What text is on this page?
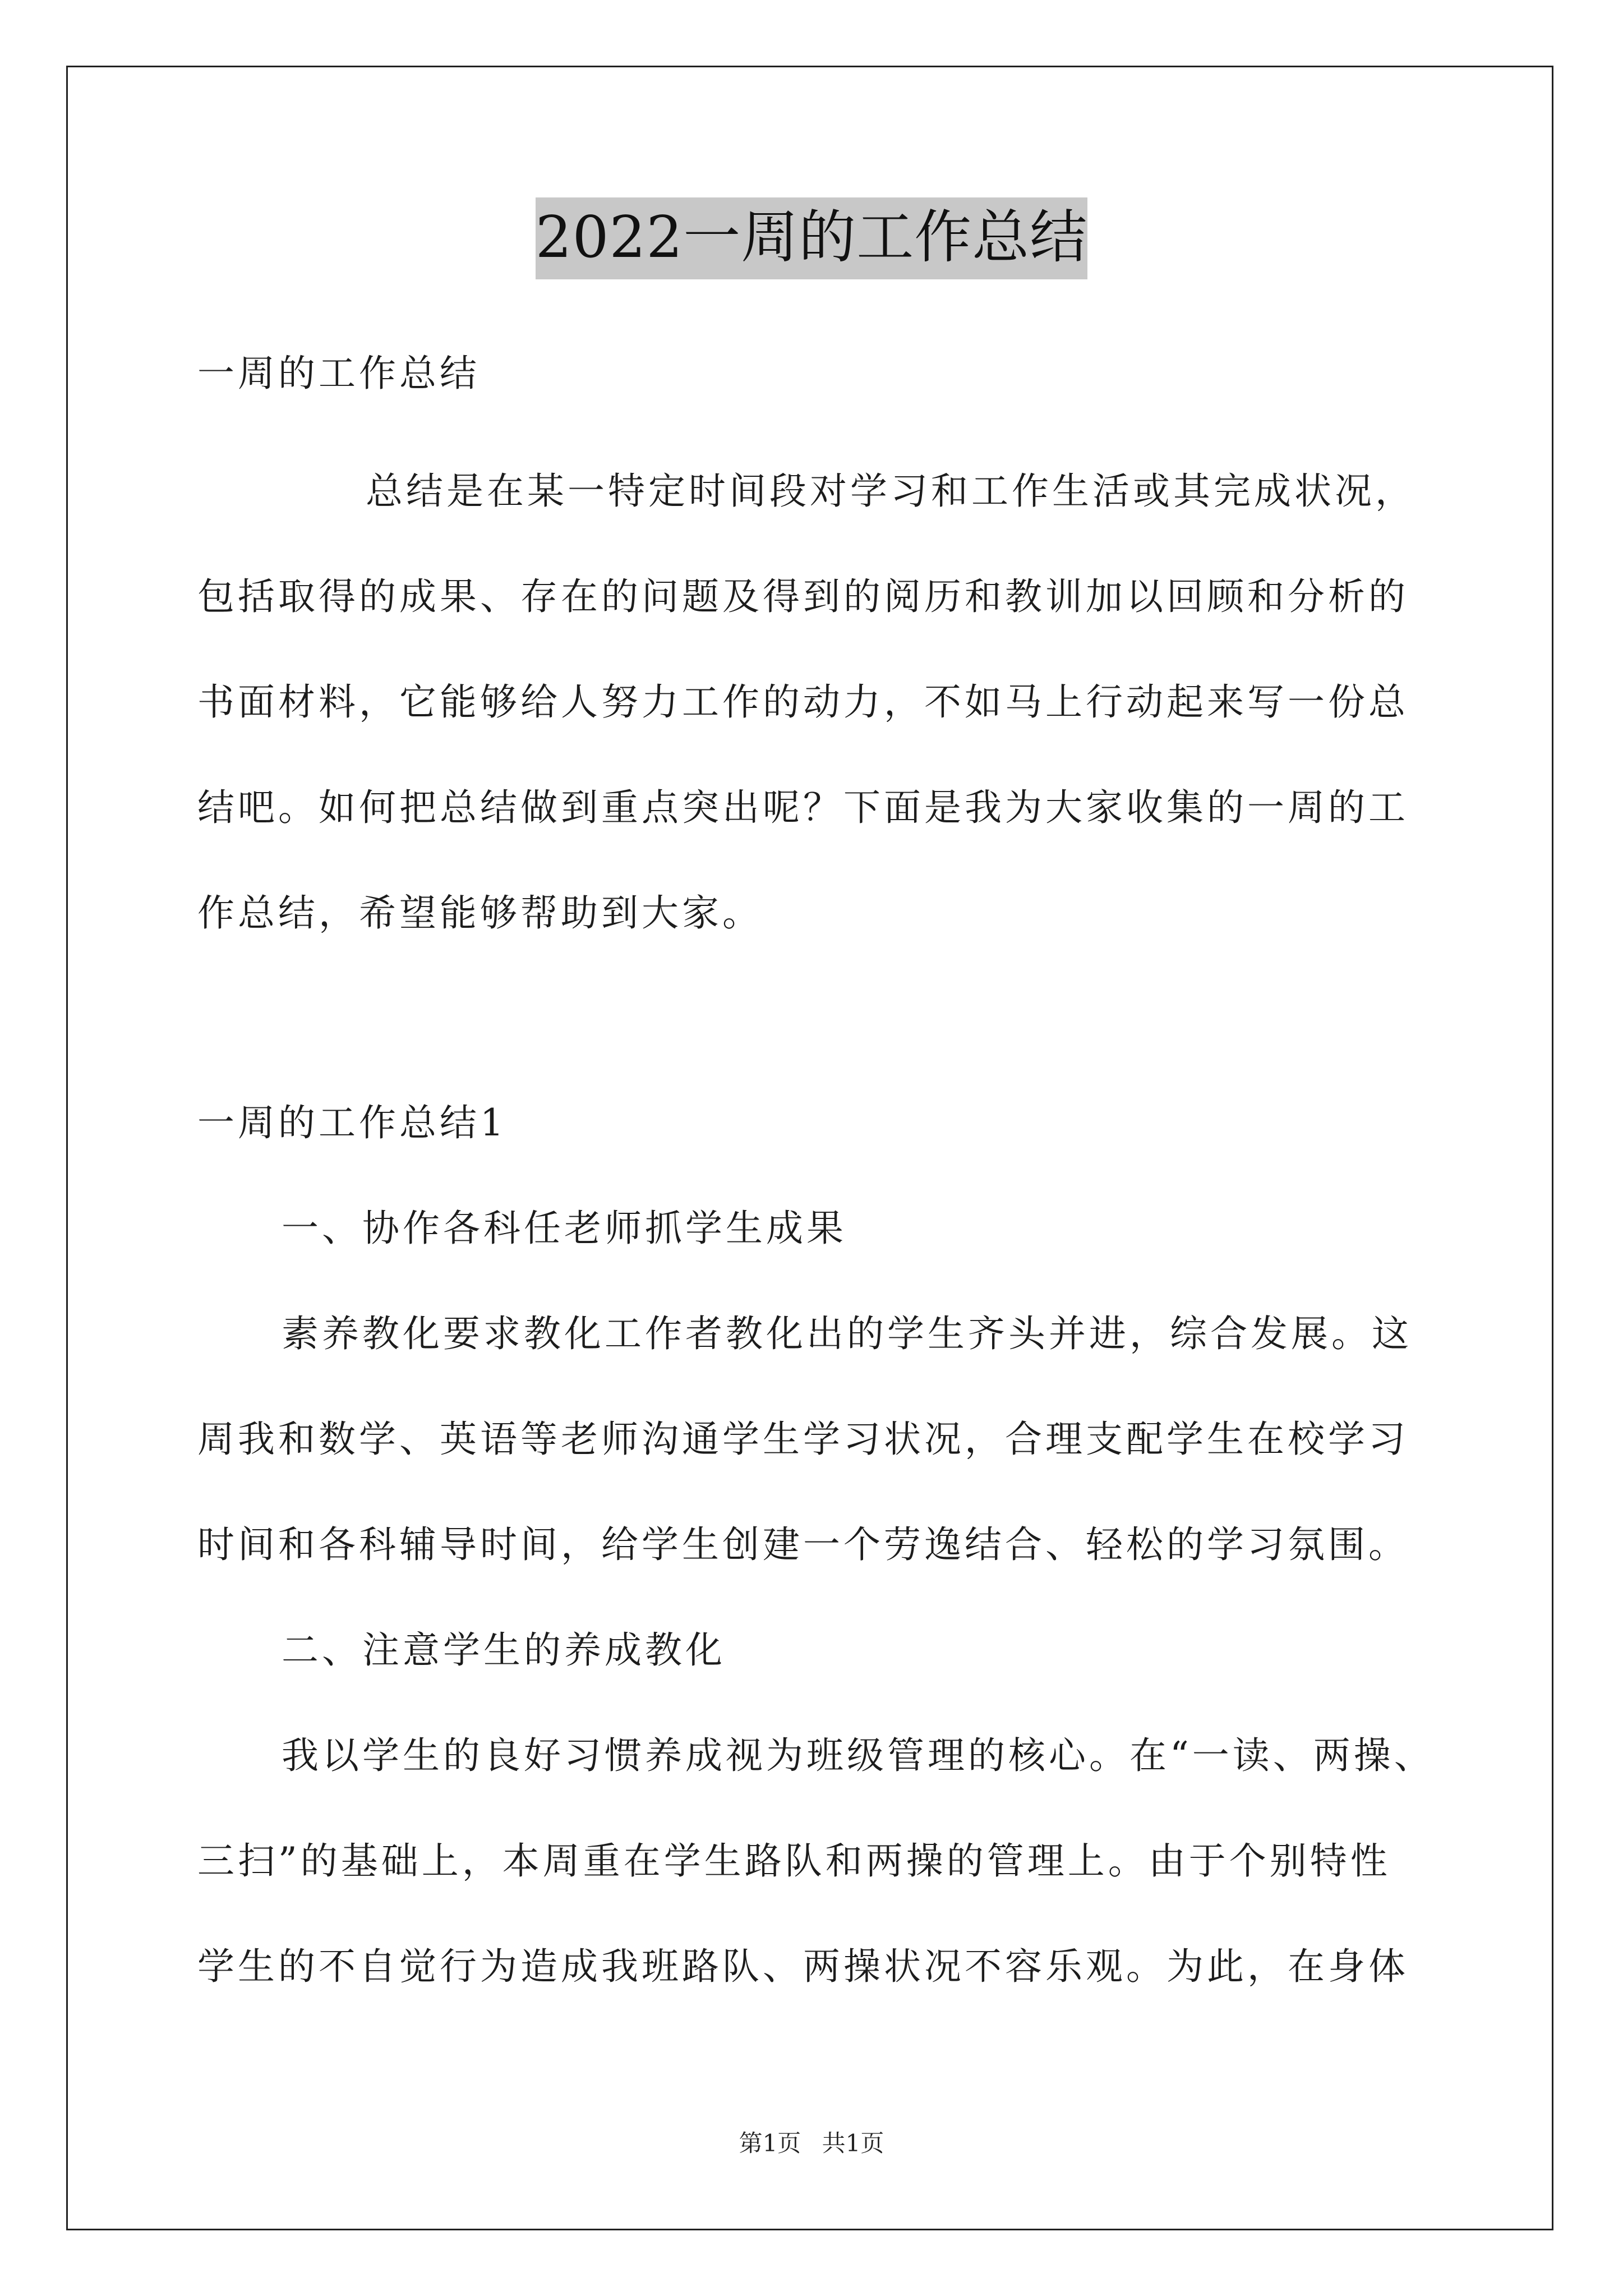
2022一周的工作总结
一周的工作总结
总结是在某一特定时间段对学习和工作生活或其完成状况，
包括取得的成果、存在的问题及得到的阅历和教训加以回顾和分析的
书面材料，它能够给人努力工作的动力，不如马上行动起来写一份总
结吧。如何把总结做到重点突出呢？下面是我为大家收集的一周的工
作总结，希望能够帮助到大家。
一周的工作总结1
一、协作各科任老师抓学生成果
素养教化要求教化工作者教化出的学生齐头并进，综合发展。这
周我和数学、英语等老师沟通学生学习状况，合理支配学生在校学习
时间和各科辅导时间，给学生创建一个劳逸结合、轻松的学习氛围。
二、注意学生的养成教化
我以学生的良好习惯养成视为班级管理的核心。在“一读、两操、
三扫”的基础上，本周重在学生路队和两操的管理上。由于个别特性
学生的不自觉行为造成我班路队、两操状况不容乐观。为此，在身体
第1页 共1页
